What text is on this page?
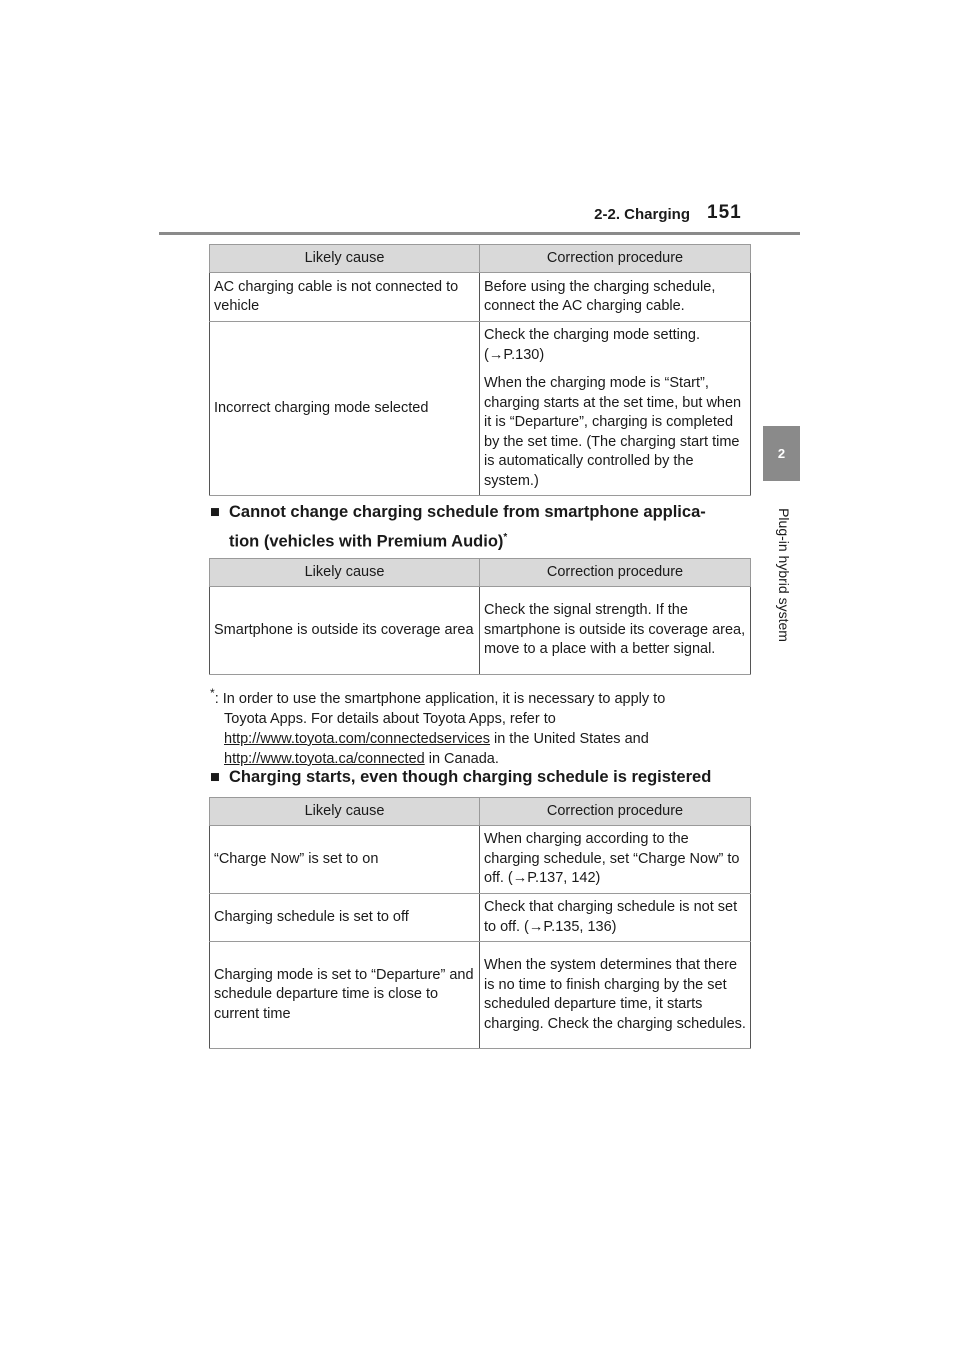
2-2. Charging 151
2
Plug-in hybrid system
Likely cause	Correction procedure
AC charging cable is not connected to vehicle	Before using the charging schedule, connect the AC charging cable.

Incorrect charging mode selected	Check the charging mode setting. (→P.130)

When the charging mode is “Start”, charging starts at the set time, but when it is “Departure”, charging is completed by the set time. (The charging start time is automatically controlled by the system.)

■ Cannot change charging schedule from smartphone applica-
tion (vehicles with Premium Audio)*
Likely cause	Correction procedure
Smartphone is outside its coverage area	Check the signal strength. If the smartphone is outside its coverage area, move to a place with a better signal.

*: In order to use the smartphone application, it is necessary to apply to
Toyota Apps. For details about Toyota Apps, refer to
http://www.toyota.com/connectedservices in the United States and
http://www.toyota.ca/connected in Canada.
■ Charging starts, even though charging schedule is registered
Likely cause	Correction procedure
“Charge Now” is set to on	When charging according to the charging schedule, set “Charge Now” to off. (→P.137, 142)

Charging schedule is set to off	Check that charging schedule is not set to off. (→P.135, 136)

Charging mode is set to “Departure” and schedule departure time is close to current time	When the system determines that there is no time to finish charging by the set scheduled departure time, it starts charging. Check the charging schedules.
